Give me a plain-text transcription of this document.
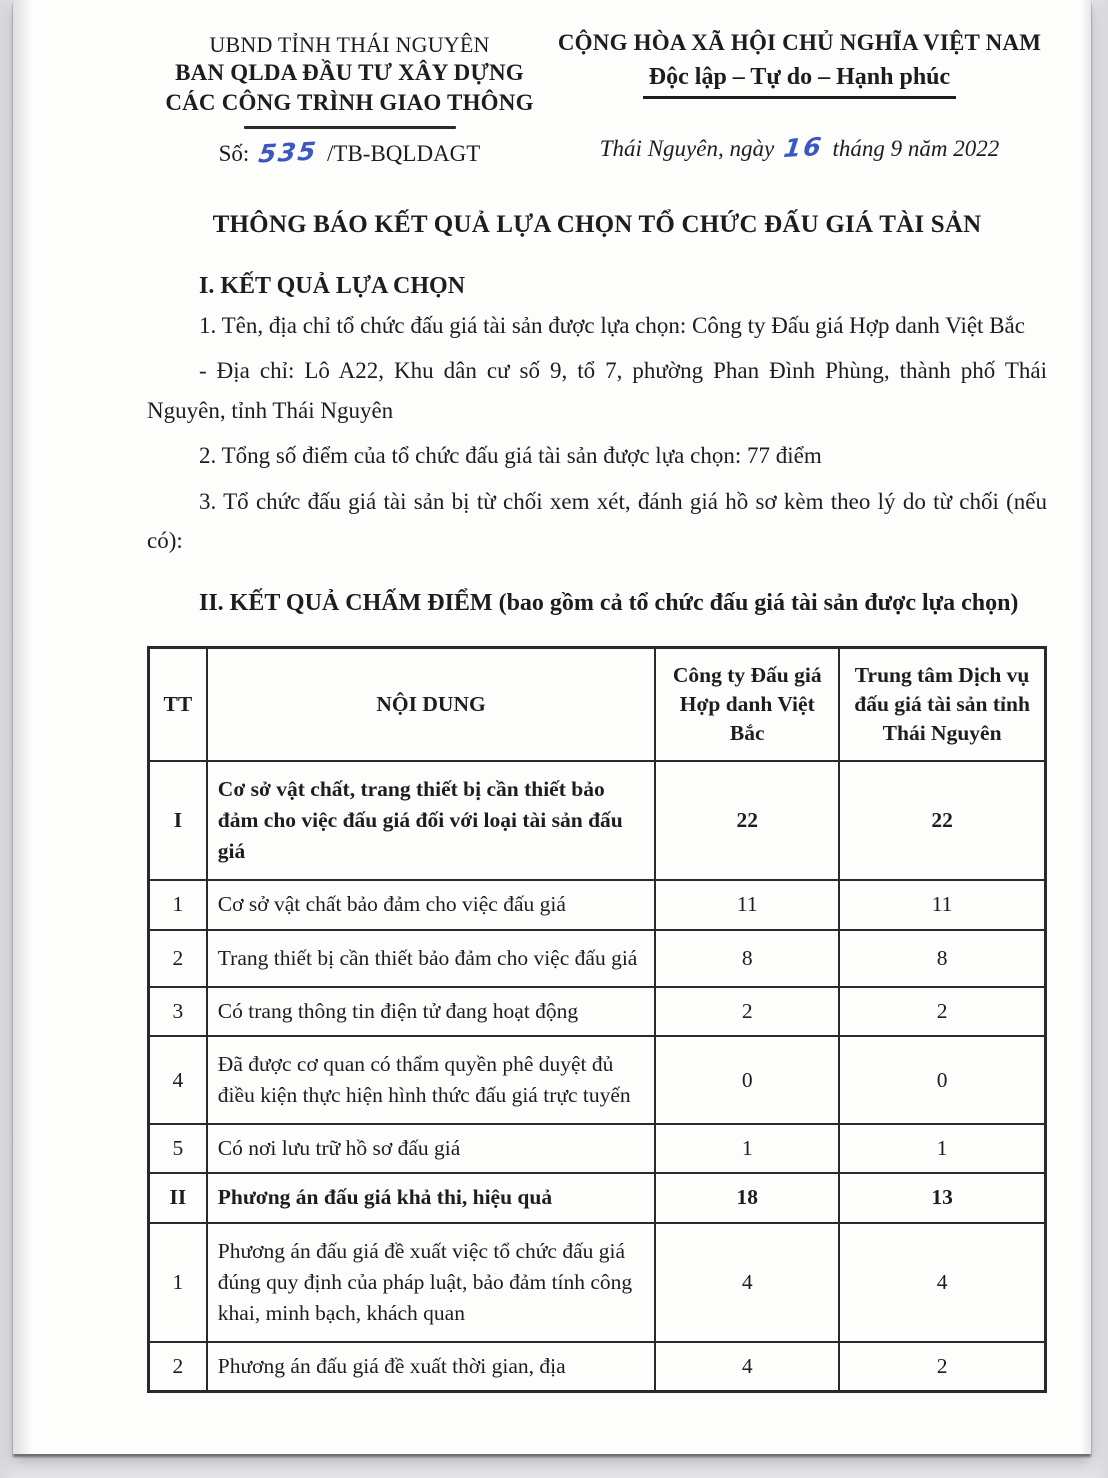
UBND TỈNH THÁI NGUYÊN
BAN QLDA ĐẦU TƯ XÂY DỰNG
CÁC CÔNG TRÌNH GIAO THÔNG
Số: 535 /TB-BQLDAGT
CỘNG HÒA XÃ HỘI CHỦ NGHĨA VIỆT NAM
Độc lập – Tự do – Hạnh phúc
Thái Nguyên, ngày 16 tháng 9 năm 2022
THÔNG BÁO KẾT QUẢ LỰA CHỌN TỔ CHỨC ĐẤU GIÁ TÀI SẢN
I. KẾT QUẢ LỰA CHỌN

1. Tên, địa chỉ tổ chức đấu giá tài sản được lựa chọn: Công ty Đấu giá Hợp danh Việt Bắc

- Địa chỉ: Lô A22, Khu dân cư số 9, tổ 7, phường Phan Đình Phùng, thành phố Thái Nguyên, tỉnh Thái Nguyên

2. Tổng số điểm của tổ chức đấu giá tài sản được lựa chọn: 77 điểm

3. Tổ chức đấu giá tài sản bị từ chối xem xét, đánh giá hồ sơ kèm theo lý do từ chối (nếu có):

II. KẾT QUẢ CHẤM ĐIỂM (bao gồm cả tổ chức đấu giá tài sản được lựa chọn)

TT	NỘI DUNG	Công ty Đấu giá Hợp danh Việt Bắc	Trung tâm Dịch vụ đấu giá tài sản tỉnh Thái Nguyên
I	Cơ sở vật chất, trang thiết bị cần thiết bảo đảm cho việc đấu giá đối với loại tài sản đấu giá	22	22
1	Cơ sở vật chất bảo đảm cho việc đấu giá	11	11
2	Trang thiết bị cần thiết bảo đảm cho việc đấu giá	8	8
3	Có trang thông tin điện tử đang hoạt động	2	2
4	Đã được cơ quan có thẩm quyền phê duyệt đủ điều kiện thực hiện hình thức đấu giá trực tuyến	0	0
5	Có nơi lưu trữ hồ sơ đấu giá	1	1
II	Phương án đấu giá khả thi, hiệu quả	18	13
1	Phương án đấu giá đề xuất việc tổ chức đấu giá đúng quy định của pháp luật, bảo đảm tính công khai, minh bạch, khách quan	4	4
2	Phương án đấu giá đề xuất thời gian, địa	4	2
